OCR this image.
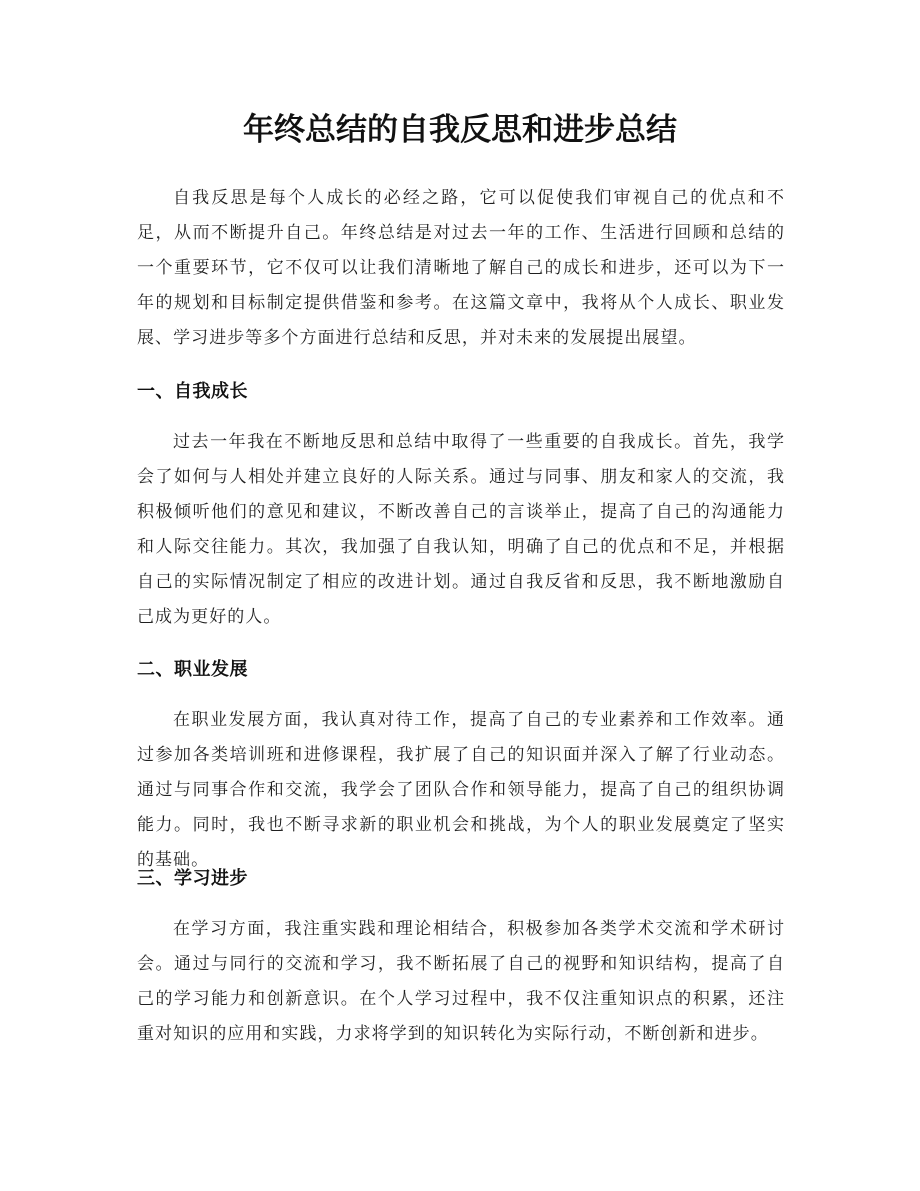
年终总结的自我反思和进步总结

自我反思是每个人成长的必经之路，它可以促使我们审视自己的优点和不足，从而不断提升自己。年终总结是对过去一年的工作、生活进行回顾和总结的一个重要环节，它不仅可以让我们清晰地了解自己的成长和进步，还可以为下一年的规划和目标制定提供借鉴和参考。在这篇文章中，我将从个人成长、职业发展、学习进步等多个方面进行总结和反思，并对未来的发展提出展望。

一、自我成长

过去一年我在不断地反思和总结中取得了一些重要的自我成长。首先，我学会了如何与人相处并建立良好的人际关系。通过与同事、朋友和家人的交流，我积极倾听他们的意见和建议，不断改善自己的言谈举止，提高了自己的沟通能力和人际交往能力。其次，我加强了自我认知，明确了自己的优点和不足，并根据自己的实际情况制定了相应的改进计划。通过自我反省和反思，我不断地激励自己成为更好的人。

二、职业发展

在职业发展方面，我认真对待工作，提高了自己的专业素养和工作效率。通过参加各类培训班和进修课程，我扩展了自己的知识面并深入了解了行业动态。通过与同事合作和交流，我学会了团队合作和领导能力，提高了自己的组织协调能力。同时，我也不断寻求新的职业机会和挑战，为个人的职业发展奠定了坚实的基础。

三、学习进步

在学习方面，我注重实践和理论相结合，积极参加各类学术交流和学术研讨会。通过与同行的交流和学习，我不断拓展了自己的视野和知识结构，提高了自己的学习能力和创新意识。在个人学习过程中，我不仅注重知识点的积累，还注重对知识的应用和实践，力求将学到的知识转化为实际行动，不断创新和进步。
